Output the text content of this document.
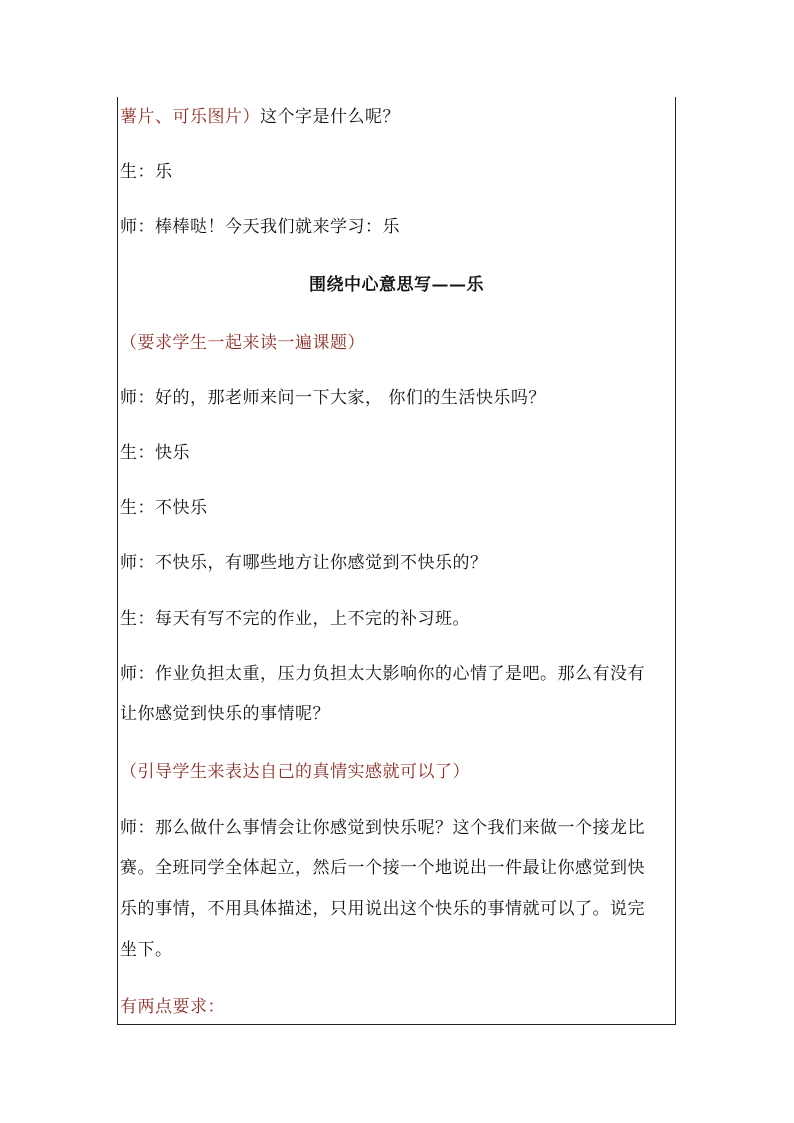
薯片、可乐图片）这个字是什么呢？
生：乐
师：棒棒哒！今天我们就来学习：乐
围绕中心意思写——乐
（要求学生一起来读一遍课题）
师：好的，那老师来问一下大家， 你们的生活快乐吗？
生：快乐
生：不快乐
师：不快乐，有哪些地方让你感觉到不快乐的？
生：每天有写不完的作业，上不完的补习班。
师：作业负担太重，压力负担太大影响你的心情了是吧。那么有没有
让你感觉到快乐的事情呢？
（引导学生来表达自己的真情实感就可以了）
师：那么做什么事情会让你感觉到快乐呢？这个我们来做一个接龙比
赛。全班同学全体起立，然后一个接一个地说出一件最让你感觉到快
乐的事情，不用具体描述，只用说出这个快乐的事情就可以了。说完
坐下。
有两点要求：
